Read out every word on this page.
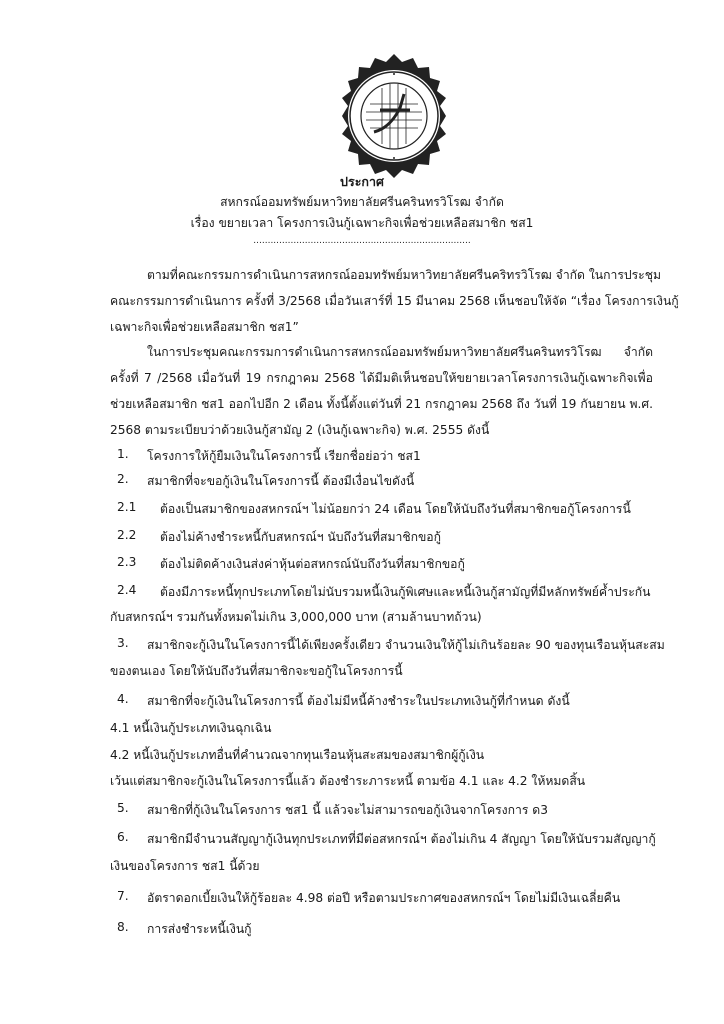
ประกาศ
สหกรณ์ออมทรัพย์มหาวิทยาลัยศรีนครินทรวิโรฒ จำกัด
เรื่อง ขยายเวลา โครงการเงินกู้เฉพาะกิจเพื่อช่วยเหลือสมาชิก ชส1
............................................................................
ตามที่คณะกรรมการดำเนินการสหกรณ์ออมทรัพย์มหาวิทยาลัยศรีนคริทรวิโรฒ จำกัด ในการประชุม
คณะกรรมการดำเนินการ ครั้งที่ 3/2568 เมื่อวันเสาร์ที่ 15 มีนาคม 2568 เห็นชอบให้จัด “เรื่อง โครงการเงินกู้
เฉพาะกิจเพื่อช่วยเหลือสมาชิก ชส1”
ในการประชุมคณะกรรมการดำเนินการสหกรณ์ออมทรัพย์มหาวิทยาลัยศรีนครินทรวิโรฒ จำกัด
ครั้งที่ 7 /2568 เมื่อวันที่ 19 กรกฎาคม 2568 ได้มีมติเห็นชอบให้ขยายเวลาโครงการเงินกู้เฉพาะกิจเพื่อ
ช่วยเหลือสมาชิก ชส1 ออกไปอีก 2 เดือน ทั้งนี้ตั้งแต่วันที่ 21 กรกฎาคม 2568 ถึง วันที่ 19 กันยายน พ.ศ.
2568 ตามระเบียบว่าด้วยเงินกู้สามัญ 2 (เงินกู้เฉพาะกิจ) พ.ศ. 2555 ดังนี้
1. โครงการให้กู้ยืมเงินในโครงการนี้ เรียกชื่อย่อว่า ชส1
2. สมาชิกที่จะขอกู้เงินในโครงการนี้ ต้องมีเงื่อนไขดังนี้
2.1 ต้องเป็นสมาชิกของสหกรณ์ฯ ไม่น้อยกว่า 24 เดือน โดยให้นับถึงวันที่สมาชิกขอกู้โครงการนี้
2.2 ต้องไม่ค้างชำระหนี้กับสหกรณ์ฯ นับถึงวันที่สมาชิกขอกู้
2.3 ต้องไม่ติดค้างเงินส่งค่าหุ้นต่อสหกรณ์นับถึงวันที่สมาชิกขอกู้
2.4 ต้องมีภาระหนี้ทุกประเภทโดยไม่นับรวมหนี้เงินกู้พิเศษและหนี้เงินกู้สามัญที่มีหลักทรัพย์ค้ำประกัน
กับสหกรณ์ฯ รวมกันทั้งหมดไม่เกิน 3,000,000 บาท (สามล้านบาทถ้วน)
3. สมาชิกจะกู้เงินในโครงการนี้ได้เพียงครั้งเดียว จำนวนเงินให้กู้ไม่เกินร้อยละ 90 ของทุนเรือนหุ้นสะสม
ของตนเอง โดยให้นับถึงวันที่สมาชิกจะขอกู้ในโครงการนี้
4. สมาชิกที่จะกู้เงินในโครงการนี้ ต้องไม่มีหนี้ค้างชำระในประเภทเงินกู้ที่กำหนด ดังนี้
4.1 หนี้เงินกู้ประเภทเงินฉุกเฉิน
4.2 หนี้เงินกู้ประเภทอื่นที่คำนวณจากทุนเรือนหุ้นสะสมของสมาชิกผู้กู้เงิน
เว้นแต่สมาชิกจะกู้เงินในโครงการนี้แล้ว ต้องชำระภาระหนี้ ตามข้อ 4.1 และ 4.2 ให้หมดสิ้น
5. สมาชิกที่กู้เงินในโครงการ ชส1 นี้ แล้วจะไม่สามารถขอกู้เงินจากโครงการ ด3
6. สมาชิกมีจำนวนสัญญากู้เงินทุกประเภทที่มีต่อสหกรณ์ฯ ต้องไม่เกิน 4 สัญญา โดยให้นับรวมสัญญากู้
เงินของโครงการ ชส1 นี้ด้วย
7. อัตราดอกเบี้ยเงินให้กู้ร้อยละ 4.98 ต่อปี หรือตามประกาศของสหกรณ์ฯ โดยไม่มีเงินเฉลี่ยคืน
8. การส่งชำระหนี้เงินกู้
